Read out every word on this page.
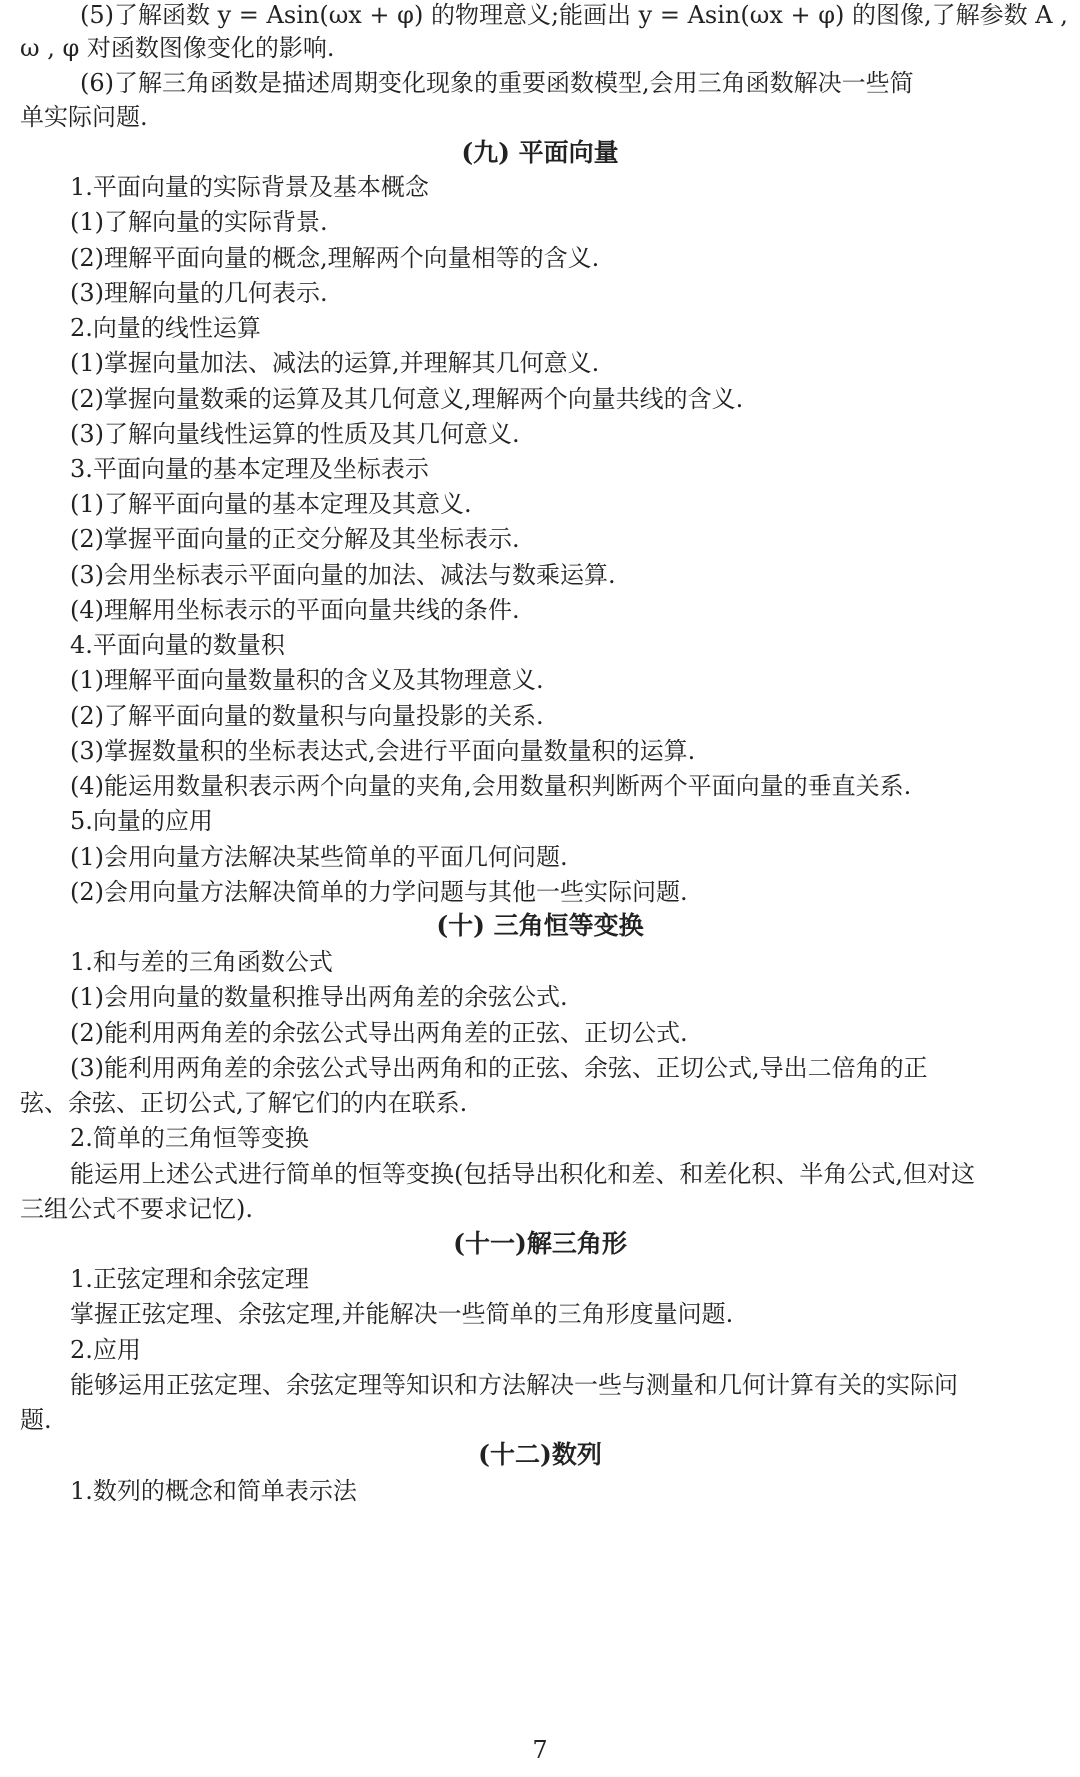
(5)了解函数 y = Asin(ωx + φ) 的物理意义;能画出 y = Asin(ωx + φ) 的图像,了解参数 A ,
ω , φ 对函数图像变化的影响.
(6)了解三角函数是描述周期变化现象的重要函数模型,会用三角函数解决一些简
单实际问题.
(九) 平面向量
1.平面向量的实际背景及基本概念
(1)了解向量的实际背景.
(2)理解平面向量的概念,理解两个向量相等的含义.
(3)理解向量的几何表示.
2.向量的线性运算
(1)掌握向量加法、减法的运算,并理解其几何意义.
(2)掌握向量数乘的运算及其几何意义,理解两个向量共线的含义.
(3)了解向量线性运算的性质及其几何意义.
3.平面向量的基本定理及坐标表示
(1)了解平面向量的基本定理及其意义.
(2)掌握平面向量的正交分解及其坐标表示.
(3)会用坐标表示平面向量的加法、减法与数乘运算.
(4)理解用坐标表示的平面向量共线的条件.
4.平面向量的数量积
(1)理解平面向量数量积的含义及其物理意义.
(2)了解平面向量的数量积与向量投影的关系.
(3)掌握数量积的坐标表达式,会进行平面向量数量积的运算.
(4)能运用数量积表示两个向量的夹角,会用数量积判断两个平面向量的垂直关系.
5.向量的应用
(1)会用向量方法解决某些简单的平面几何问题.
(2)会用向量方法解决简单的力学问题与其他一些实际问题.
(十) 三角恒等变换
1.和与差的三角函数公式
(1)会用向量的数量积推导出两角差的余弦公式.
(2)能利用两角差的余弦公式导出两角差的正弦、正切公式.
(3)能利用两角差的余弦公式导出两角和的正弦、余弦、正切公式,导出二倍角的正
弦、余弦、正切公式,了解它们的内在联系.
2.简单的三角恒等变换
能运用上述公式进行简单的恒等变换(包括导出积化和差、和差化积、半角公式,但对这
三组公式不要求记忆).
(十一)解三角形
1.正弦定理和余弦定理
掌握正弦定理、余弦定理,并能解决一些简单的三角形度量问题.
2.应用
能够运用正弦定理、余弦定理等知识和方法解决一些与测量和几何计算有关的实际问
题.
(十二)数列
1.数列的概念和简单表示法
7
